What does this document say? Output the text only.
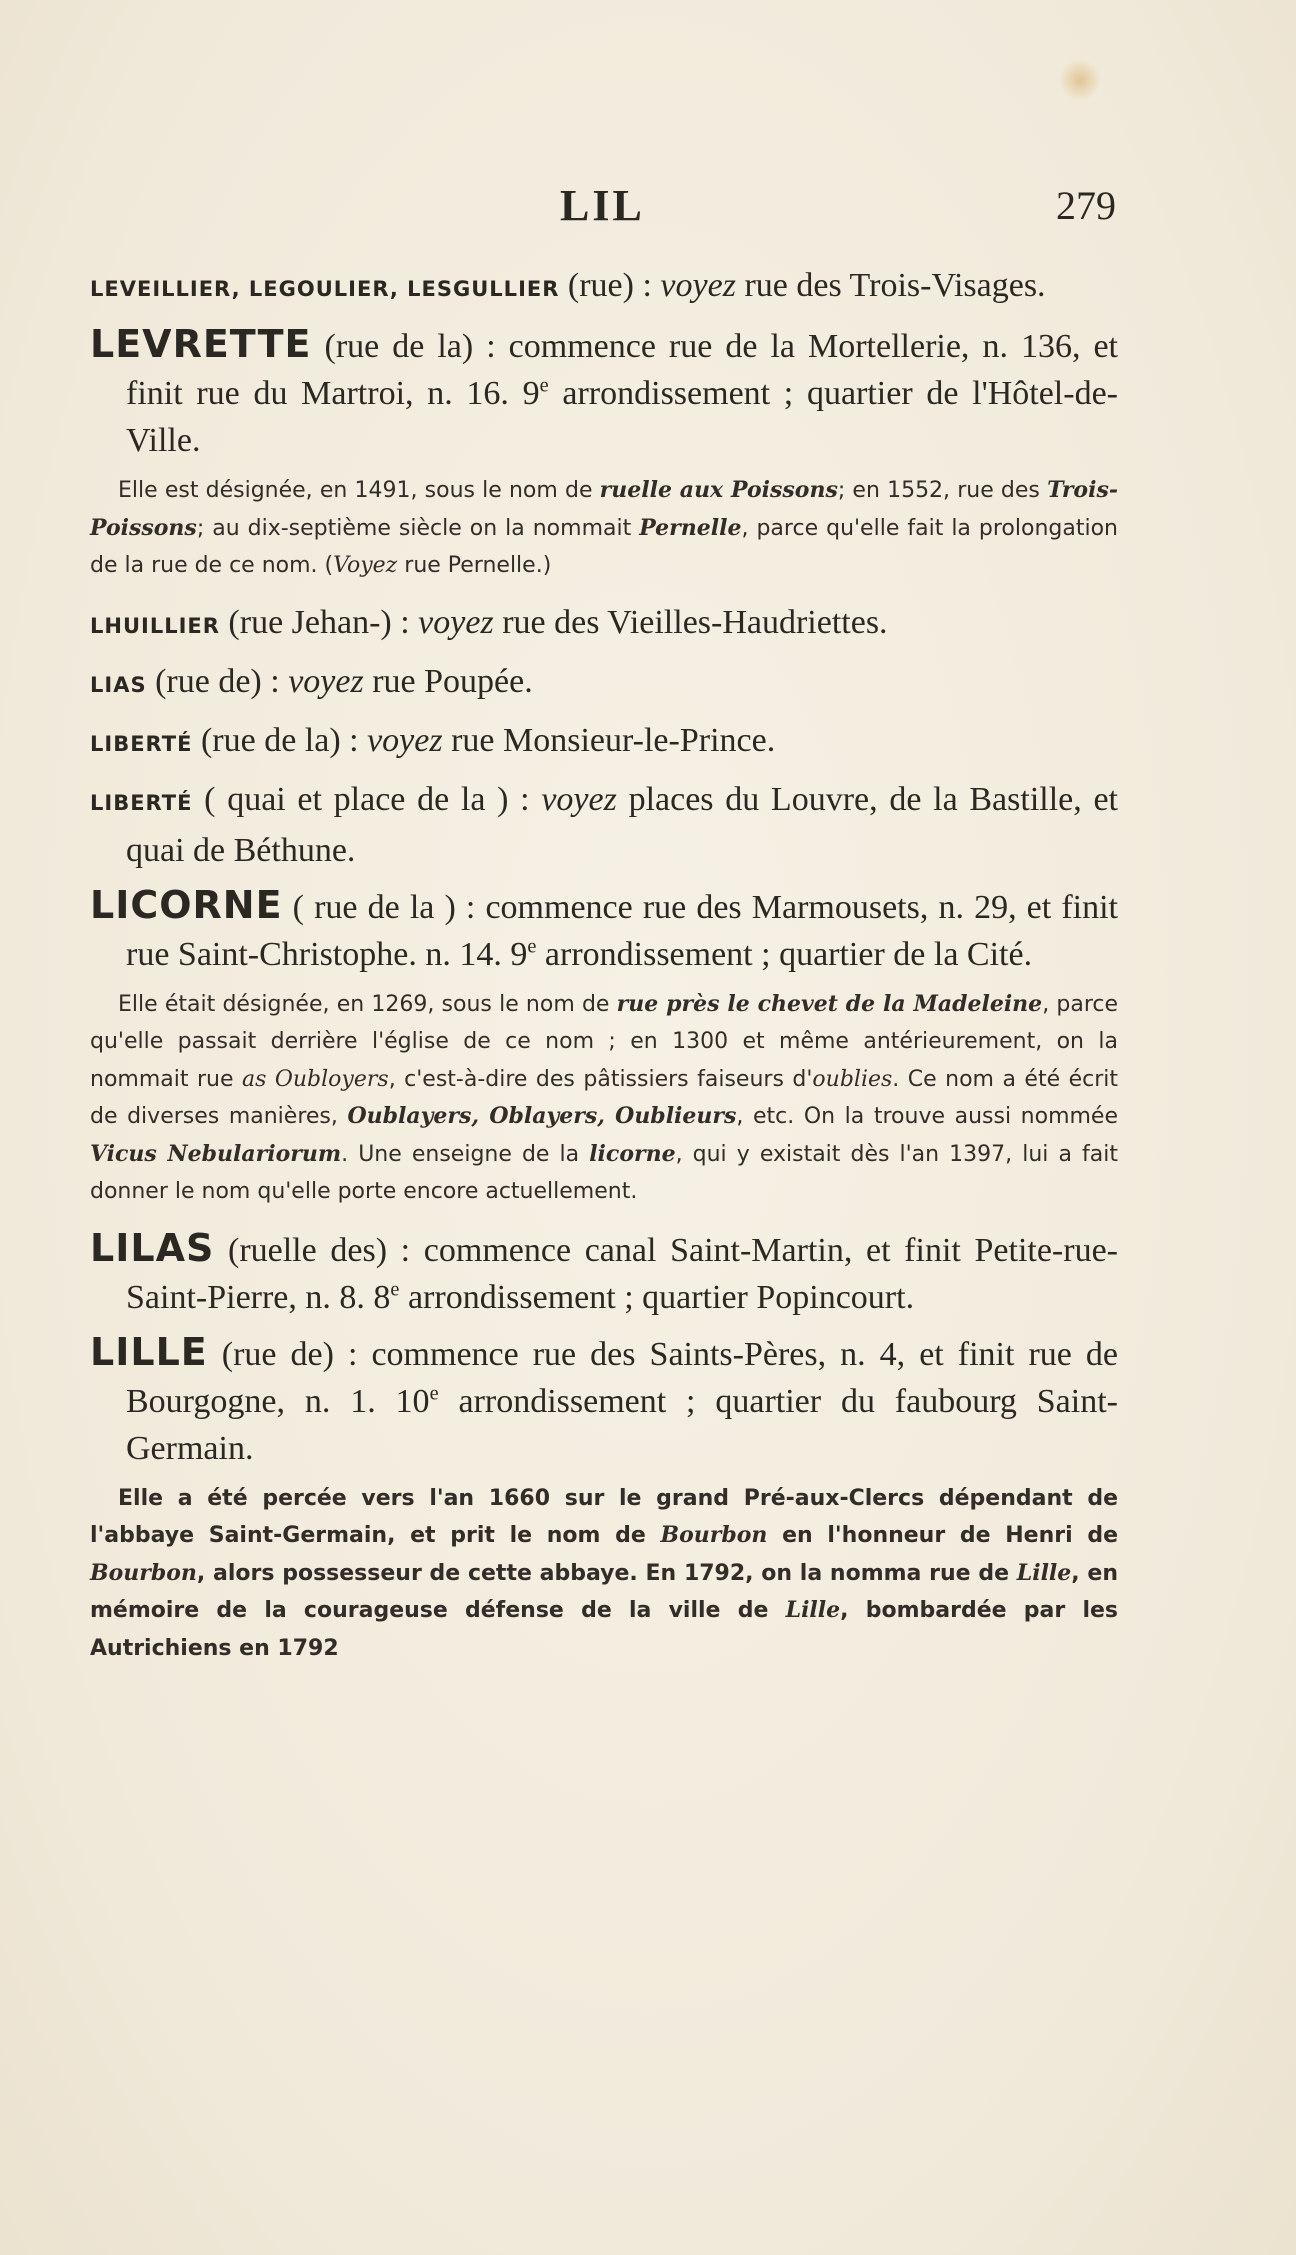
LIL	279

LEVEILLIER, LEGOULIER, LESGULLIER (rue) : voyez rue des Trois-Visages.

LEVRETTE (rue de la) : commence rue de la Mortellerie, n. 136, et finit rue du Martroi, n. 16. 9e arrondissement ; quartier de l'Hôtel-de-Ville.

Elle est désignée, en 1491, sous le nom de ruelle aux Poissons; en 1552, rue des Trois-Poissons; au dix-septième siècle on la nommait Pernelle, parce qu'elle fait la prolongation de la rue de ce nom. (Voyez rue Pernelle.)

LHUILLIER (rue Jehan-) : voyez rue des Vieilles-Haudriettes.

LIAS (rue de) : voyez rue Poupée.

LIBERTÉ (rue de la) : voyez rue Monsieur-le-Prince.

LIBERTÉ ( quai et place de la ) : voyez places du Louvre, de la Bastille, et quai de Béthune.

LICORNE ( rue de la ) : commence rue des Marmousets, n. 29, et finit rue Saint-Christophe. n. 14. 9e arrondissement ; quartier de la Cité.

Elle était désignée, en 1269, sous le nom de rue près le chevet de la Madeleine, parce qu'elle passait derrière l'église de ce nom ; en 1300 et même antérieurement, on la nommait rue as Oubloyers, c'est-à-dire des pâtissiers faiseurs d'oublies. Ce nom a été écrit de diverses manières, Oublayers, Oblayers, Oublieurs, etc. On la trouve aussi nommée Vicus Nebulariorum. Une enseigne de la licorne, qui y existait dès l'an 1397, lui a fait donner le nom qu'elle porte encore actuellement.

LILAS (ruelle des) : commence canal Saint-Martin, et finit Petite-rue-Saint-Pierre, n. 8. 8e arrondissement ; quartier Popincourt.

LILLE (rue de) : commence rue des Saints-Pères, n. 4, et finit rue de Bourgogne, n. 1. 10e arrondissement ; quartier du faubourg Saint-Germain.

Elle a été percée vers l'an 1660 sur le grand Pré-aux-Clercs dépendant de l'abbaye Saint-Germain, et prit le nom de Bourbon en l'honneur de Henri de Bourbon, alors possesseur de cette abbaye. En 1792, on la nomma rue de Lille, en mémoire de la courageuse défense de la ville de Lille, bombardée par les Autrichiens en 1792
